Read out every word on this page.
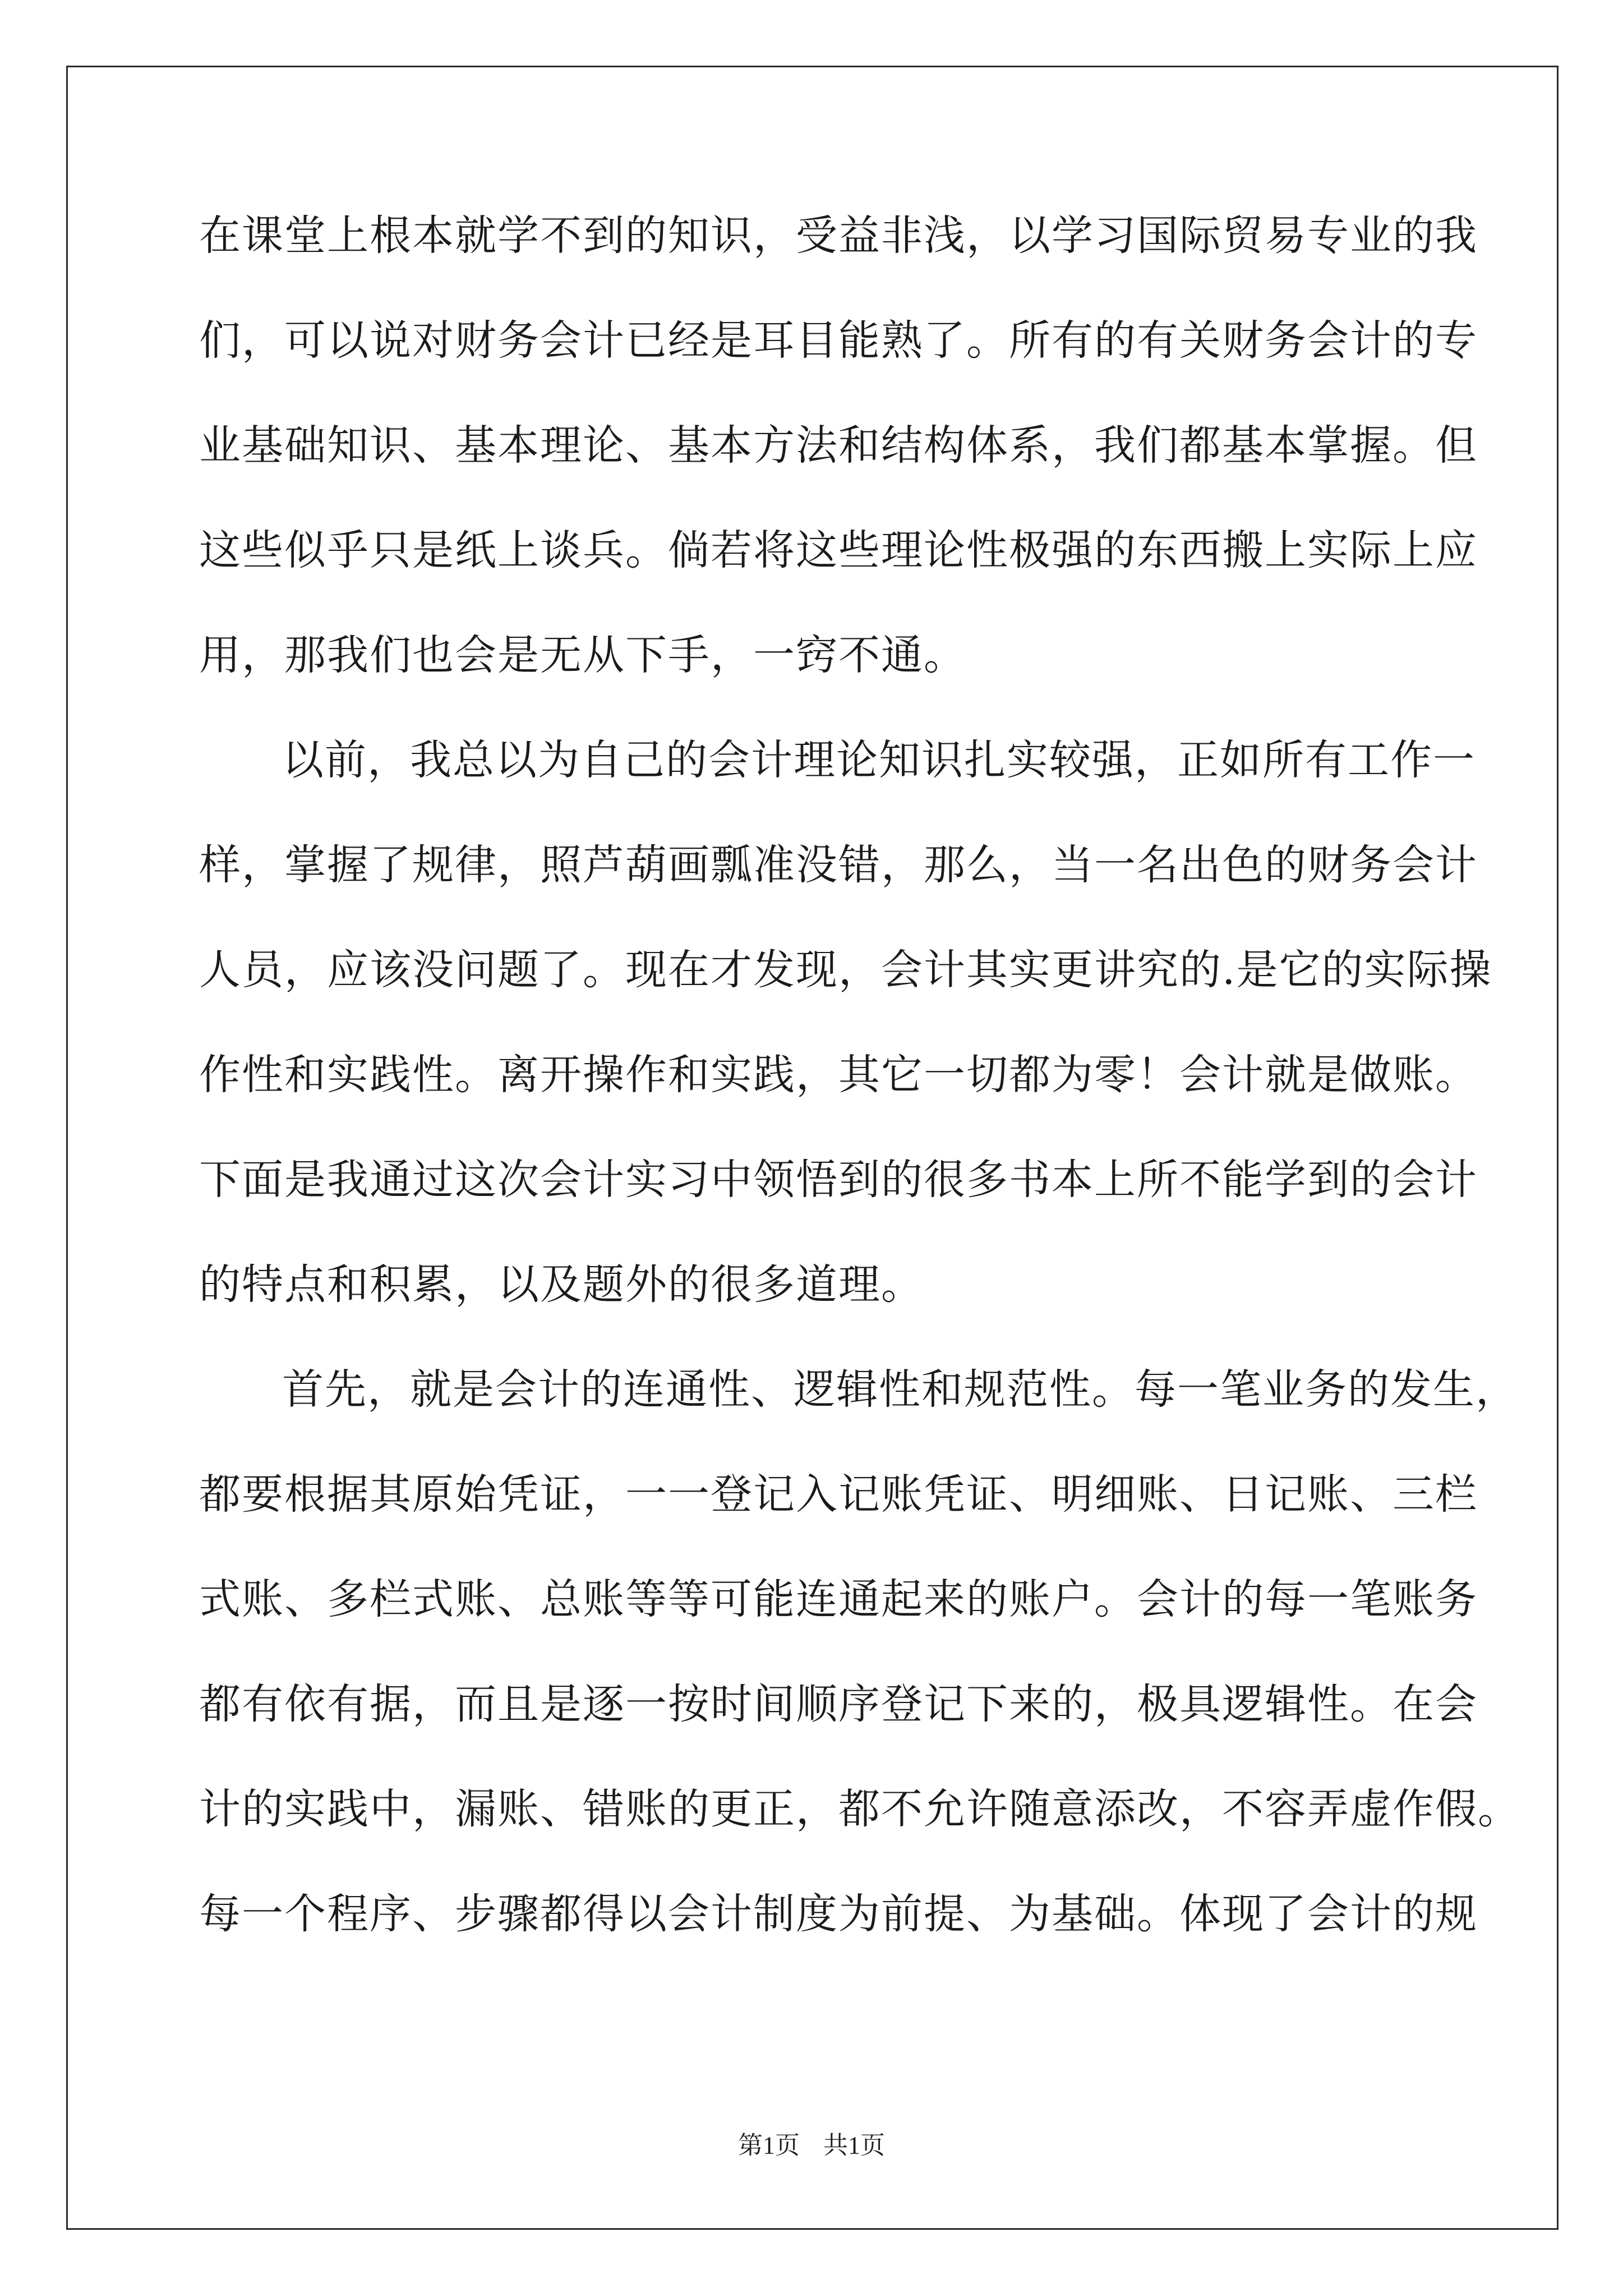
在课堂上根本就学不到的知识，受益非浅，以学习国际贸易专业的我
们，可以说对财务会计已经是耳目能熟了。所有的有关财务会计的专
业基础知识、基本理论、基本方法和结构体系，我们都基本掌握。但
这些似乎只是纸上谈兵。倘若将这些理论性极强的东西搬上实际上应
用，那我们也会是无从下手，一窍不通。
以前，我总以为自己的会计理论知识扎实较强，正如所有工作一
样，掌握了规律，照芦葫画瓢准没错，那么，当一名出色的财务会计
人员，应该没问题了。现在才发现，会计其实更讲究的.是它的实际操
作性和实践性。离开操作和实践，其它一切都为零！会计就是做账。
下面是我通过这次会计实习中领悟到的很多书本上所不能学到的会计
的特点和积累，以及题外的很多道理。
首先，就是会计的连通性、逻辑性和规范性。每一笔业务的发生，
都要根据其原始凭证，一一登记入记账凭证、明细账、日记账、三栏
式账、多栏式账、总账等等可能连通起来的账户。会计的每一笔账务
都有依有据，而且是逐一按时间顺序登记下来的，极具逻辑性。在会
计的实践中，漏账、错账的更正，都不允许随意添改，不容弄虚作假。
每一个程序、步骤都得以会计制度为前提、为基础。体现了会计的规
第1页 共1页
